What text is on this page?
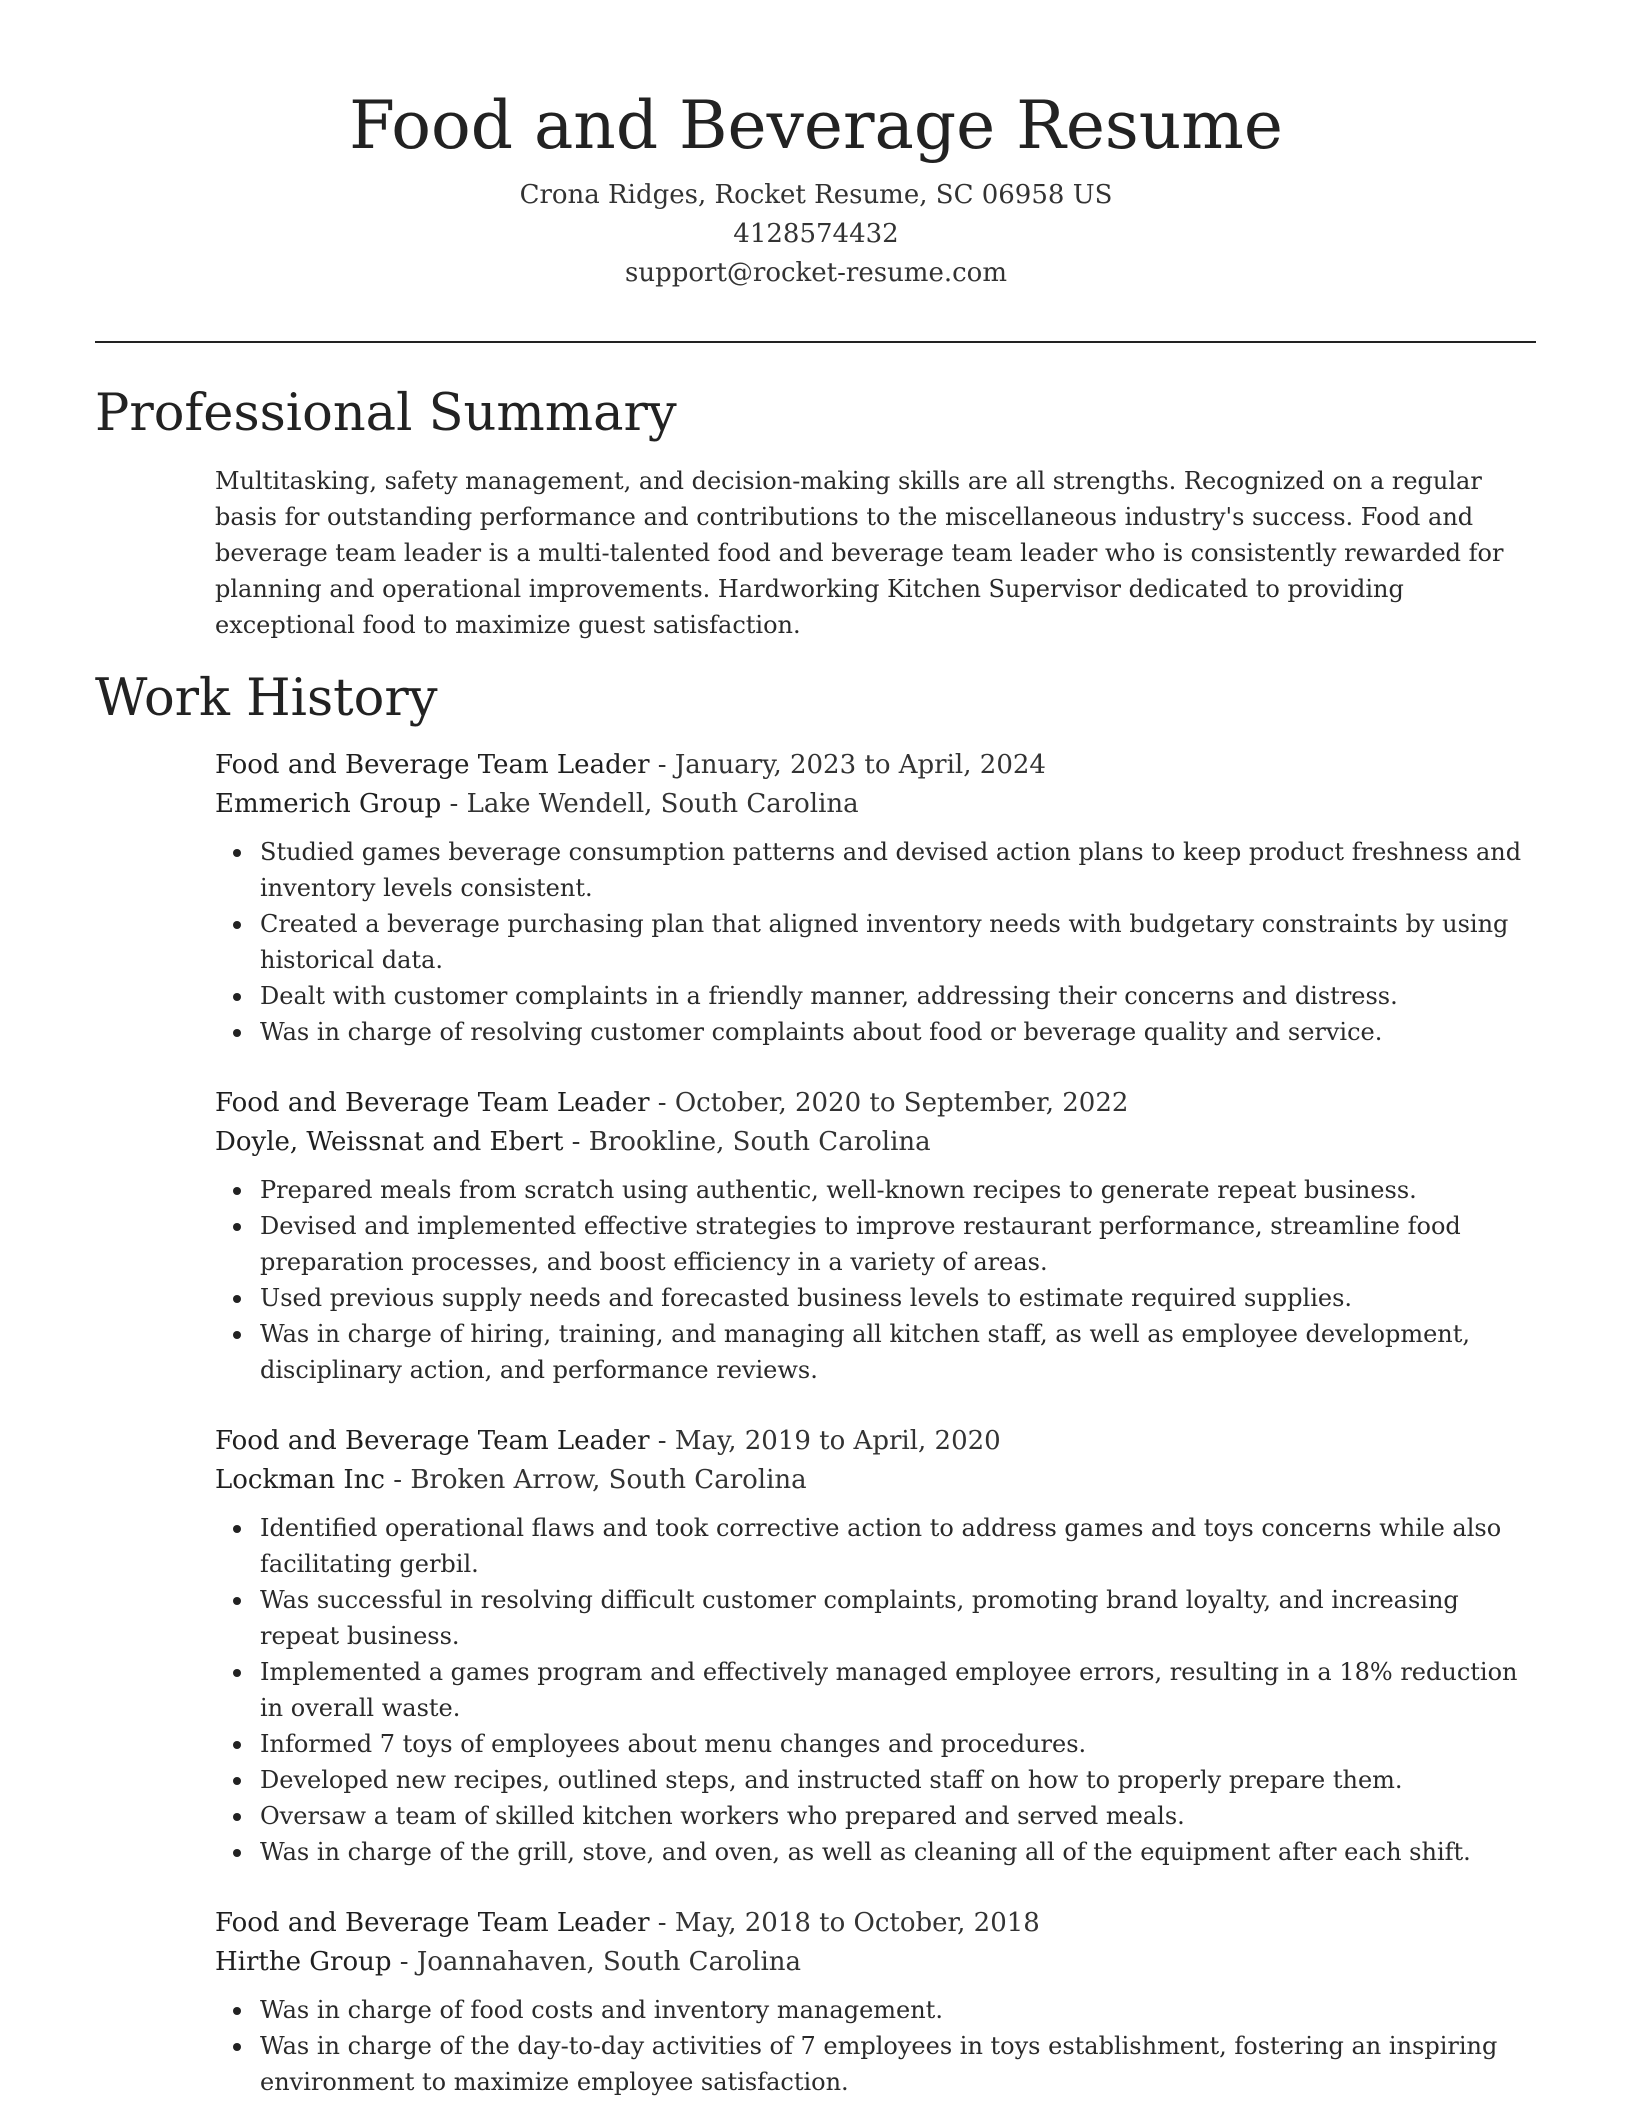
Food and Beverage Resume
Crona Ridges, Rocket Resume, SC 06958 US
4128574432
support@rocket-resume.com
Professional Summary

Multitasking, safety management, and decision-making skills are all strengths. Recognized on a regular basis for outstanding performance and contributions to the miscellaneous industry's success. Food and beverage team leader is a multi-talented food and beverage team leader who is consistently rewarded for planning and operational improvements. Hardworking Kitchen Supervisor dedicated to providing exceptional food to maximize guest satisfaction.

Work History
Food and Beverage Team Leader - January, 2023 to April, 2024
Emmerich Group - Lake Wendell, South Carolina
Studied games beverage consumption patterns and devised action plans to keep product freshness and inventory levels consistent.
Created a beverage purchasing plan that aligned inventory needs with budgetary constraints by using historical data.
Dealt with customer complaints in a friendly manner, addressing their concerns and distress.
Was in charge of resolving customer complaints about food or beverage quality and service.
Food and Beverage Team Leader - October, 2020 to September, 2022
Doyle, Weissnat and Ebert - Brookline, South Carolina
Prepared meals from scratch using authentic, well-known recipes to generate repeat business.
Devised and implemented effective strategies to improve restaurant performance, streamline food preparation processes, and boost efficiency in a variety of areas.
Used previous supply needs and forecasted business levels to estimate required supplies.
Was in charge of hiring, training, and managing all kitchen staff, as well as employee development, disciplinary action, and performance reviews.
Food and Beverage Team Leader - May, 2019 to April, 2020
Lockman Inc - Broken Arrow, South Carolina
Identified operational flaws and took corrective action to address games and toys concerns while also facilitating gerbil.
Was successful in resolving difficult customer complaints, promoting brand loyalty, and increasing repeat business.
Implemented a games program and effectively managed employee errors, resulting in a 18% reduction in overall waste.
Informed 7 toys of employees about menu changes and procedures.
Developed new recipes, outlined steps, and instructed staff on how to properly prepare them.
Oversaw a team of skilled kitchen workers who prepared and served meals.
Was in charge of the grill, stove, and oven, as well as cleaning all of the equipment after each shift.
Food and Beverage Team Leader - May, 2018 to October, 2018
Hirthe Group - Joannahaven, South Carolina
Was in charge of food costs and inventory management.
Was in charge of the day-to-day activities of 7 employees in toys establishment, fostering an inspiring environment to maximize employee satisfaction.
